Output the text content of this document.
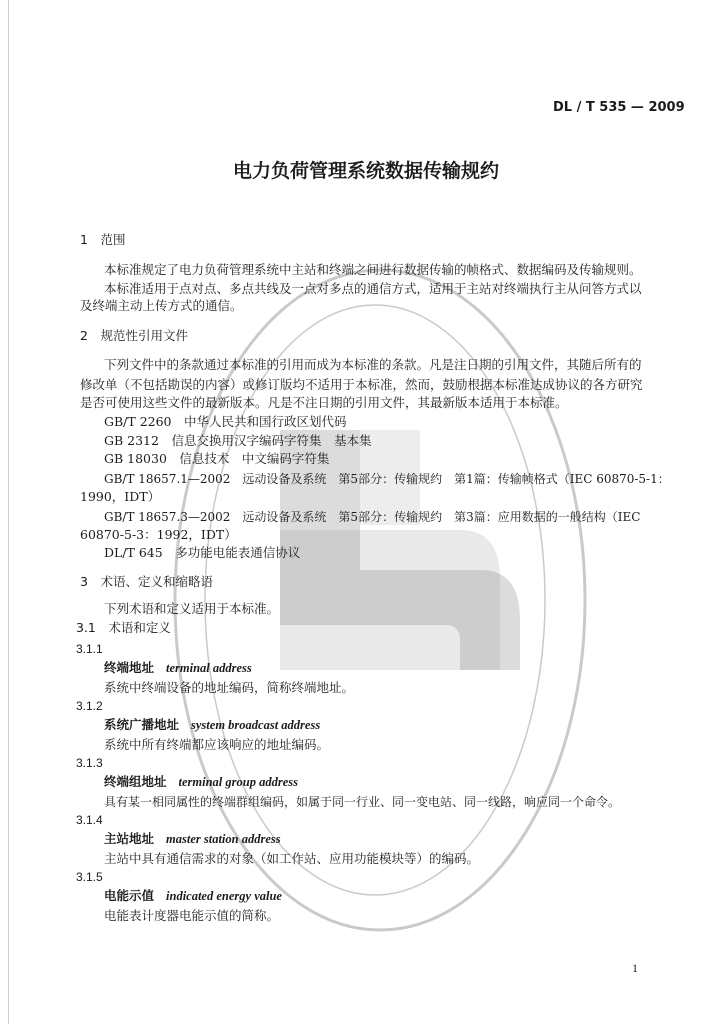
DL / T 535 — 2009
电力负荷管理系统数据传输规约
1　范围
本标准规定了电力负荷管理系统中主站和终端之间进行数据传输的帧格式、数据编码及传输规则。
本标准适用于点对点、多点共线及一点对多点的通信方式，适用于主站对终端执行主从问答方式以
及终端主动上传方式的通信。
2　规范性引用文件
下列文件中的条款通过本标准的引用而成为本标准的条款。凡是注日期的引用文件，其随后所有的
修改单（不包括勘误的内容）或修订版均不适用于本标准，然而，鼓励根据本标准达成协议的各方研究
是否可使用这些文件的最新版本。凡是不注日期的引用文件，其最新版本适用于本标准。
GB/T 2260　中华人民共和国行政区划代码
GB 2312　信息交换用汉字编码字符集　基本集
GB 18030　信息技术　中文编码字符集
GB/T 18657.1—2002　远动设备及系统　第5部分：传输规约　第1篇：传输帧格式（IEC 60870-5-1：
1990，IDT）
GB/T 18657.3—2002　远动设备及系统　第5部分：传输规约　第3篇：应用数据的一般结构（IEC
60870-5-3：1992，IDT）
DL/T 645　多功能电能表通信协议
3　术语、定义和缩略语
下列术语和定义适用于本标准。
3.1　术语和定义
3.1.1
终端地址 terminal address
系统中终端设备的地址编码，简称终端地址。
3.1.2
系统广播地址 system broadcast address
系统中所有终端都应该响应的地址编码。
3.1.3
终端组地址 terminal group address
具有某一相同属性的终端群组编码，如属于同一行业、同一变电站、同一线路，响应同一个命令。
3.1.4
主站地址 master station address
主站中具有通信需求的对象（如工作站、应用功能模块等）的编码。
3.1.5
电能示值 indicated energy value
电能表计度器电能示值的简称。
1
